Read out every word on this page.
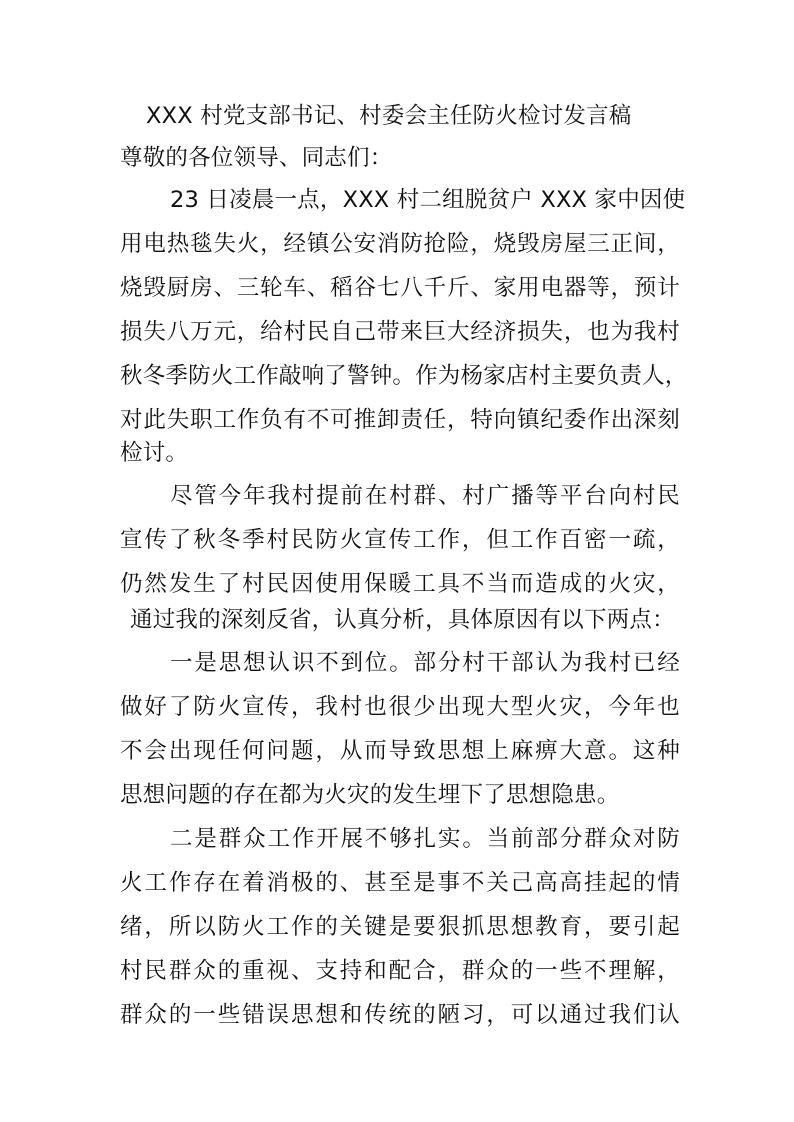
XXX 村党支部书记、村委会主任防火检讨发言稿
尊敬的各位领导、同志们：
23 日凌晨一点，XXX 村二组脱贫户 XXX 家中因使
用电热毯失火，经镇公安消防抢险，烧毁房屋三正间，
烧毁厨房、三轮车、稻谷七八千斤、家用电器等，预计
损失八万元，给村民自己带来巨大经济损失，也为我村
秋冬季防火工作敲响了警钟。作为杨家店村主要负责人，
对此失职工作负有不可推卸责任，特向镇纪委作出深刻
检讨。
尽管今年我村提前在村群、村广播等平台向村民
宣传了秋冬季村民防火宣传工作，但工作百密一疏，
仍然发生了村民因使用保暖工具不当而造成的火灾，
通过我的深刻反省，认真分析，具体原因有以下两点：
一是思想认识不到位。部分村干部认为我村已经
做好了防火宣传，我村也很少出现大型火灾，今年也
不会出现任何问题，从而导致思想上麻痹大意。这种
思想问题的存在都为火灾的发生埋下了思想隐患。
二是群众工作开展不够扎实。当前部分群众对防
火工作存在着消极的、甚至是事不关己高高挂起的情
绪，所以防火工作的关键是要狠抓思想教育，要引起
村民群众的重视、支持和配合，群众的一些不理解，
群众的一些错误思想和传统的陋习，可以通过我们认
